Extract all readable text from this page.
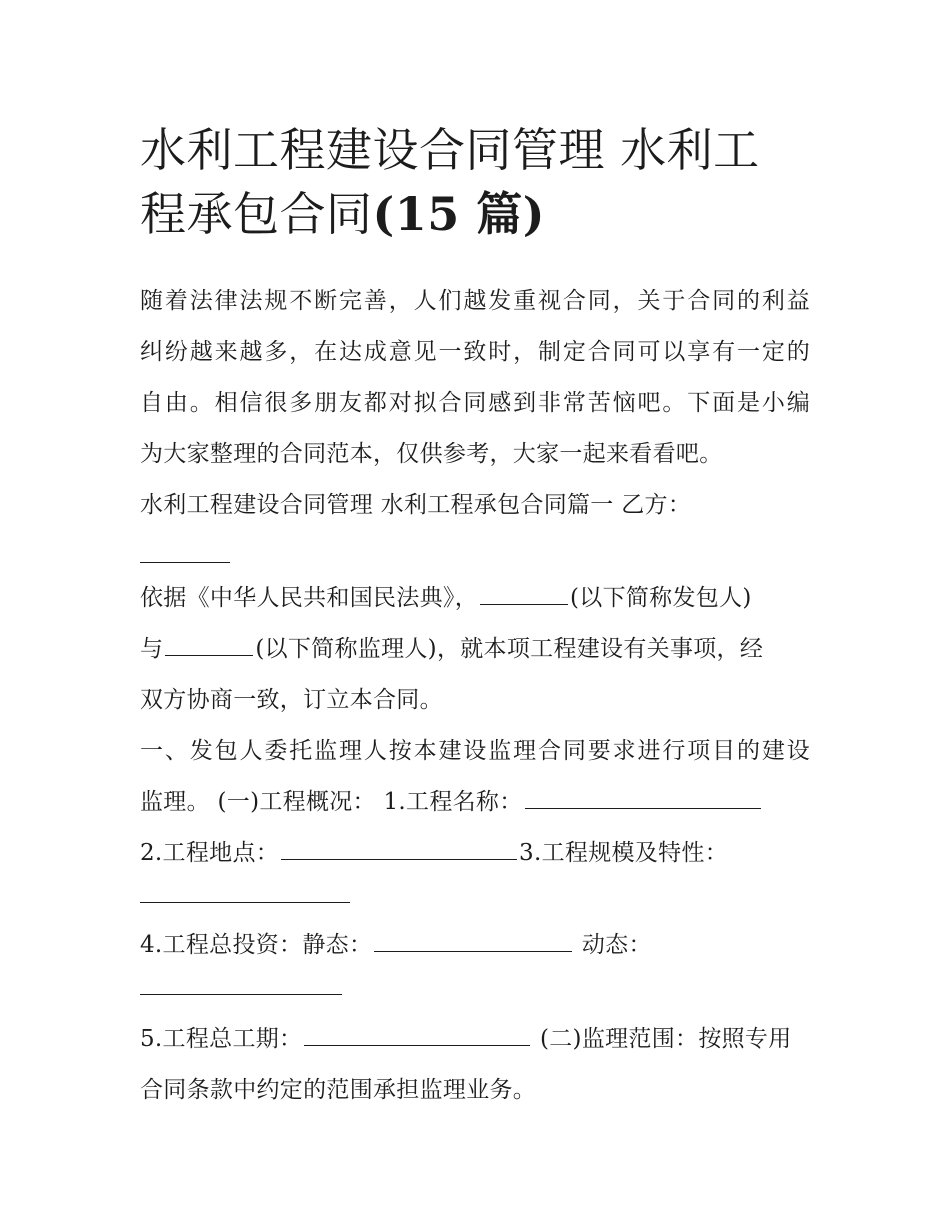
水利工程建设合同管理 水利工
程承包合同(15 篇)

随着法律法规不断完善，人们越发重视合同，关于合同的利益

纠纷越来越多，在达成意见一致时，制定合同可以享有一定的

自由。相信很多朋友都对拟合同感到非常苦恼吧。下面是小编

为大家整理的合同范本，仅供参考，大家一起来看看吧。

水利工程建设合同管理 水利工程承包合同篇一 乙方：

依据《中华人民共和国民法典》，	(以下简称发包人)

与	(以下简称监理人)，就本项工程建设有关事项，经

双方协商一致，订立本合同。

一、发包人委托监理人按本建设监理合同要求进行项目的建设

监理。 (一)工程概况： 1.工程名称：

2.工程地点：	3.工程规模及特性：

4.工程总投资：静态：	动态：

5.工程总工期：	(二)监理范围：按照专用

合同条款中约定的范围承担监理业务。
